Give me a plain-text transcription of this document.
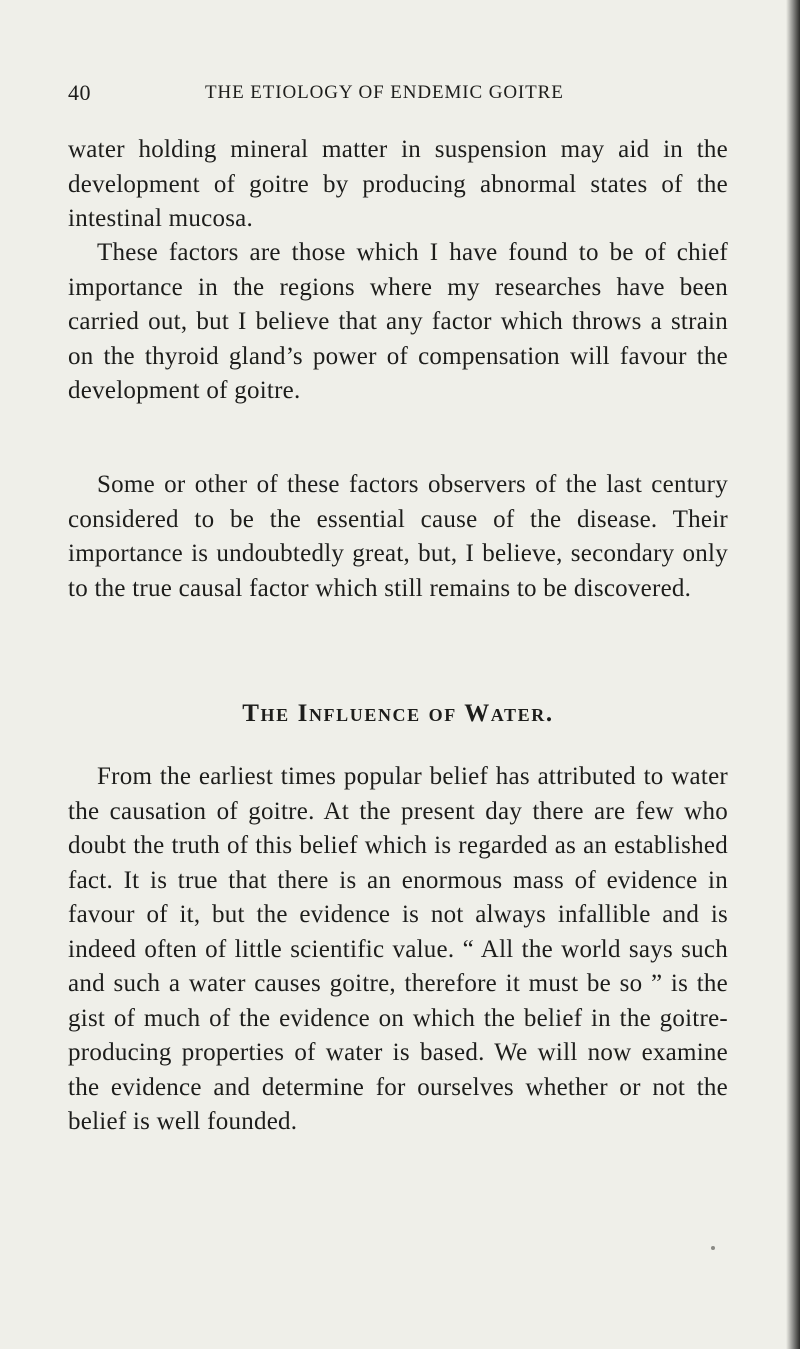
40	THE ETIOLOGY OF ENDEMIC GOITRE

water holding mineral matter in suspension may aid in the development of goitre by producing abnormal states of the intestinal mucosa.

These factors are those which I have found to be of chief importance in the regions where my researches have been carried out, but I believe that any factor which throws a strain on the thyroid gland’s power of compensation will favour the development of goitre.

Some or other of these factors observers of the last century considered to be the essential cause of the disease. Their importance is undoubtedly great, but, I believe, secondary only to the true causal factor which still remains to be discovered.

The Influence of Water.

From the earliest times popular belief has attributed to water the causation of goitre. At the present day there are few who doubt the truth of this belief which is regarded as an established fact. It is true that there is an enormous mass of evidence in favour of it, but the evidence is not always infallible and is indeed often of little scientific value. “ All the world says such and such a water causes goitre, therefore it must be so ” is the gist of much of the evidence on which the belief in the goitre-producing properties of water is based. We will now examine the evidence and determine for ourselves whether or not the belief is well founded.
